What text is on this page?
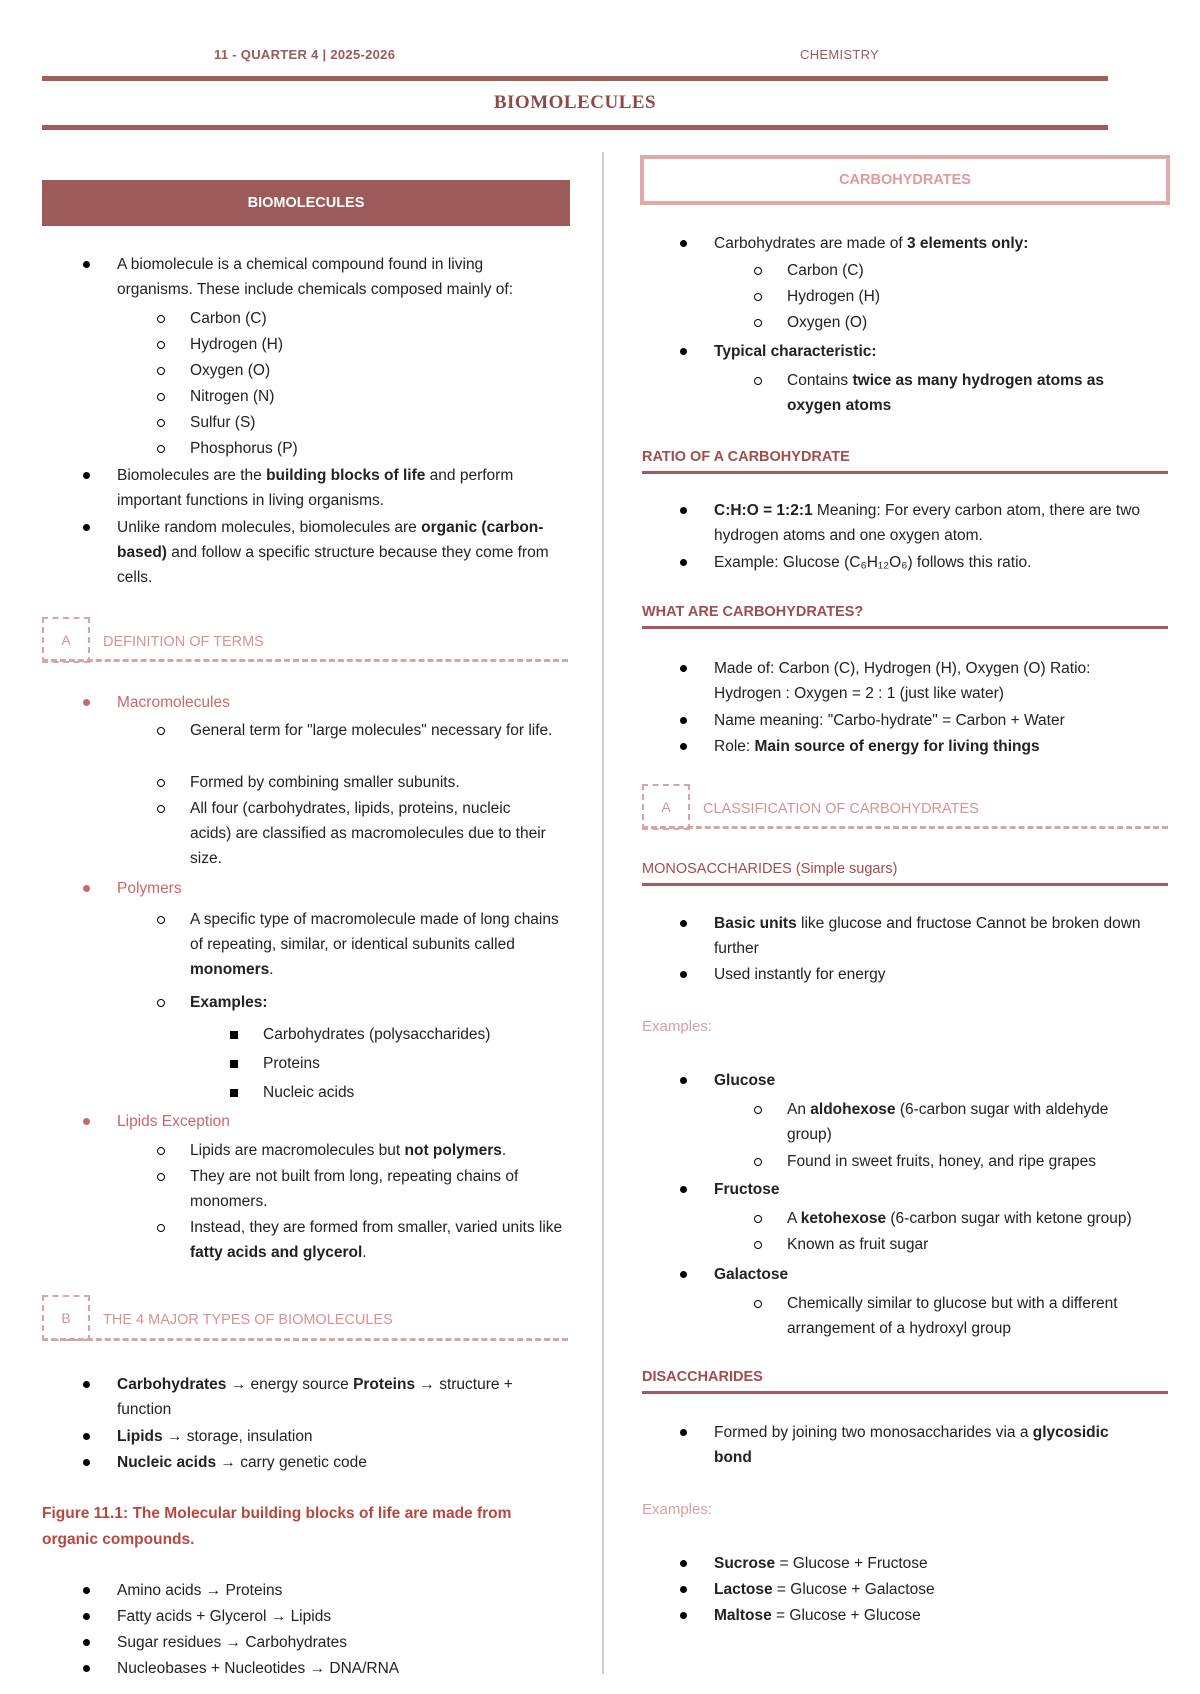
11 - QUARTER 4 | 2025-2026	CHEMISTRY
BIOMOLECULES
BIOMOLECULES
A biomolecule is a chemical compound found in living organisms. These include chemicals composed mainly of:
Carbon (C)
Hydrogen (H)
Oxygen (O)
Nitrogen (N)
Sulfur (S)
Phosphorus (P)
Biomolecules are the building blocks of life and perform important functions in living organisms.
Unlike random molecules, biomolecules are organic (carbon-based) and follow a specific structure because they come from cells.
A	DEFINITION OF TERMS
Macromolecules
General term for "large molecules" necessary for life.
Formed by combining smaller subunits.
All four (carbohydrates, lipids, proteins, nucleic acids) are classified as macromolecules due to their size.
Polymers
A specific type of macromolecule made of long chains of repeating, similar, or identical subunits called monomers.
Examples:
Carbohydrates (polysaccharides)
Proteins
Nucleic acids
Lipids Exception
Lipids are macromolecules but not polymers.
They are not built from long, repeating chains of monomers.
Instead, they are formed from smaller, varied units like fatty acids and glycerol.
B	THE 4 MAJOR TYPES OF BIOMOLECULES
Carbohydrates → energy source Proteins → structure + function
Lipids → storage, insulation
Nucleic acids → carry genetic code
Figure 11.1: The Molecular building blocks of life are made from organic compounds.
Amino acids → Proteins
Fatty acids + Glycerol → Lipids
Sugar residues → Carbohydrates
Nucleobases + Nucleotides → DNA/RNA
CARBOHYDRATES
Carbohydrates are made of 3 elements only:
Carbon (C)
Hydrogen (H)
Oxygen (O)
Typical characteristic:
Contains twice as many hydrogen atoms as oxygen atoms
RATIO OF A CARBOHYDRATE
C:H:O = 1:2:1 Meaning: For every carbon atom, there are two hydrogen atoms and one oxygen atom.
Example: Glucose (C₆H₁₂O₆) follows this ratio.
WHAT ARE CARBOHYDRATES?
Made of: Carbon (C), Hydrogen (H), Oxygen (O) Ratio: Hydrogen : Oxygen = 2 : 1 (just like water)
Name meaning: "Carbo-hydrate" = Carbon + Water
Role: Main source of energy for living things
A	CLASSIFICATION OF CARBOHYDRATES
MONOSACCHARIDES (Simple sugars)
Basic units like glucose and fructose Cannot be broken down further
Used instantly for energy
Examples:
Glucose
An aldohexose (6-carbon sugar with aldehyde group)
Found in sweet fruits, honey, and ripe grapes
Fructose
A ketohexose (6-carbon sugar with ketone group)
Known as fruit sugar
Galactose
Chemically similar to glucose but with a different arrangement of a hydroxyl group
DISACCHARIDES
Formed by joining two monosaccharides via a glycosidic bond
Examples:
Sucrose = Glucose + Fructose
Lactose = Glucose + Galactose
Maltose = Glucose + Glucose
